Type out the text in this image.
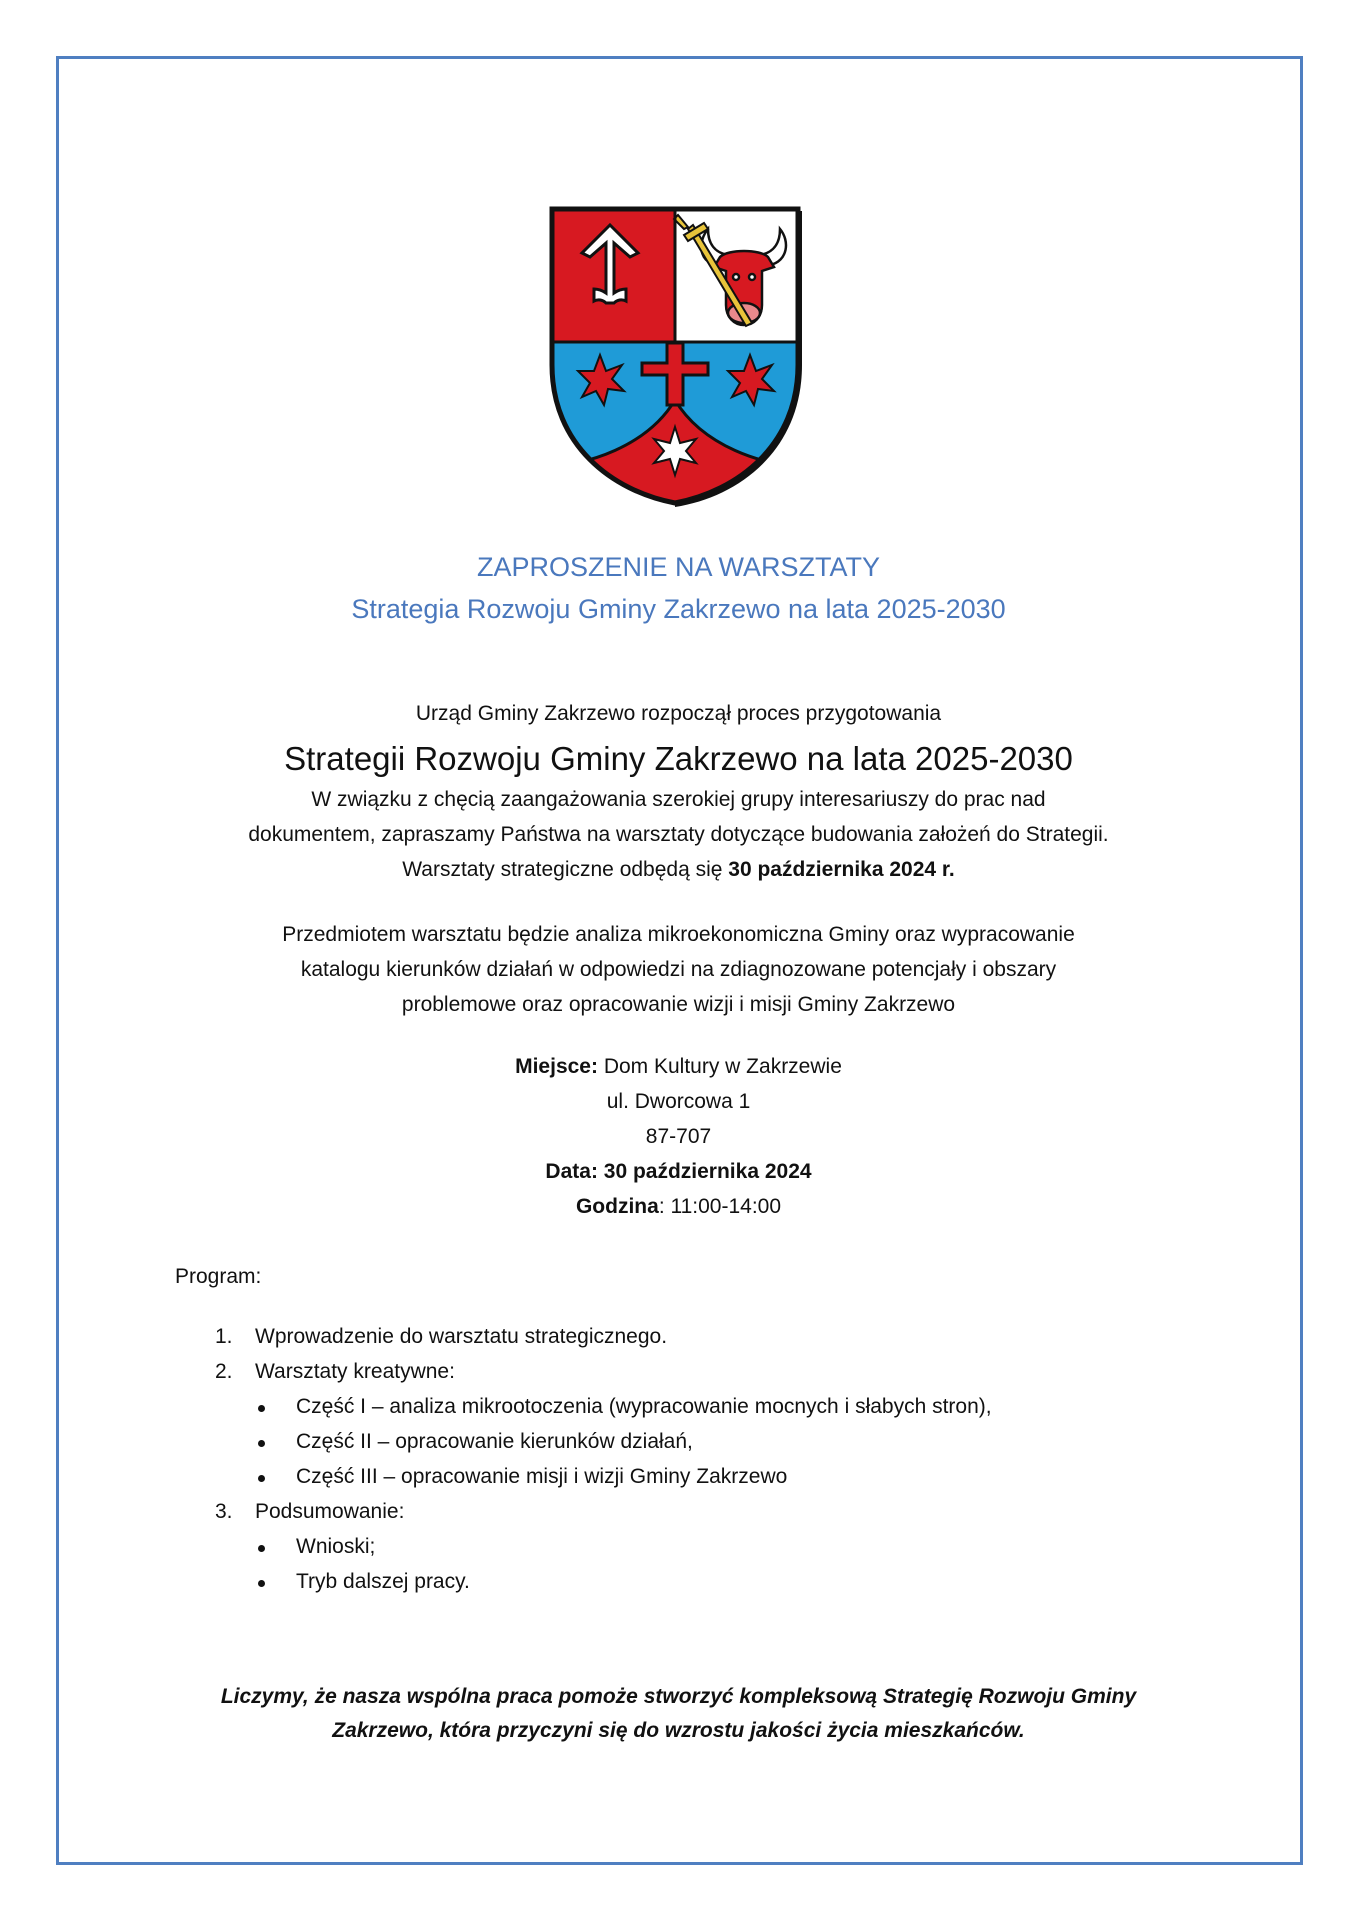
ZAPROSZENIE NA WARSZTATY
Strategia Rozwoju Gminy Zakrzewo na lata 2025-2030
Urząd Gminy Zakrzewo rozpoczął proces przygotowania
Strategii Rozwoju Gminy Zakrzewo na lata 2025-2030
W związku z chęcią zaangażowania szerokiej grupy interesariuszy do prac nad
dokumentem, zapraszamy Państwa na warsztaty dotyczące budowania założeń do Strategii.
Warsztaty strategiczne odbędą się 30 października 2024 r.
Przedmiotem warsztatu będzie analiza mikroekonomiczna Gminy oraz wypracowanie
katalogu kierunków działań w odpowiedzi na zdiagnozowane potencjały i obszary
problemowe oraz opracowanie wizji i misji Gminy Zakrzewo
Miejsce: Dom Kultury w Zakrzewie
ul. Dworcowa 1
87-707
Data: 30 października 2024
Godzina: 11:00-14:00
Program:
1. Wprowadzenie do warsztatu strategicznego.
2. Warsztaty kreatywne:
Część I – analiza mikrootoczenia (wypracowanie mocnych i słabych stron),
Część II – opracowanie kierunków działań,
Część III – opracowanie misji i wizji Gminy Zakrzewo
3. Podsumowanie:
Wnioski;
Tryb dalszej pracy.
Liczymy, że nasza wspólna praca pomoże stworzyć kompleksową Strategię Rozwoju Gminy
Zakrzewo, która przyczyni się do wzrostu jakości życia mieszkańców.
